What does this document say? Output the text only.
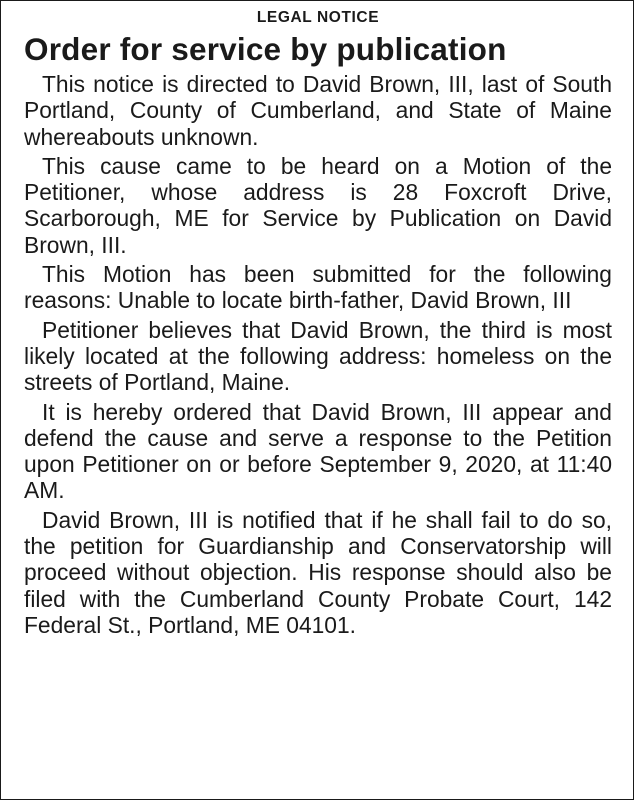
LEGAL NOTICE
Order for service by publication

This notice is directed to David Brown, III, last of South Portland, County of Cumberland, and State of Maine whereabouts unknown.

This cause came to be heard on a Motion of the Petitioner, whose address is 28 Foxcroft Drive, Scarborough, ME for Service by Publication on David Brown, III.

This Motion has been submitted for the following reasons: Unable to locate birth-father, David Brown, III

Petitioner believes that David Brown, the third is most likely located at the following address: homeless on the streets of Portland, Maine.

It is hereby ordered that David Brown, III appear and defend the cause and serve a response to the Petition upon Petitioner on or before September 9, 2020, at 11:40 AM.

David Brown, III is notified that if he shall fail to do so, the petition for Guardianship and Conservatorship will proceed without objection. His response should also be filed with the Cumberland County Probate Court, 142 Federal St., Portland, ME 04101.
